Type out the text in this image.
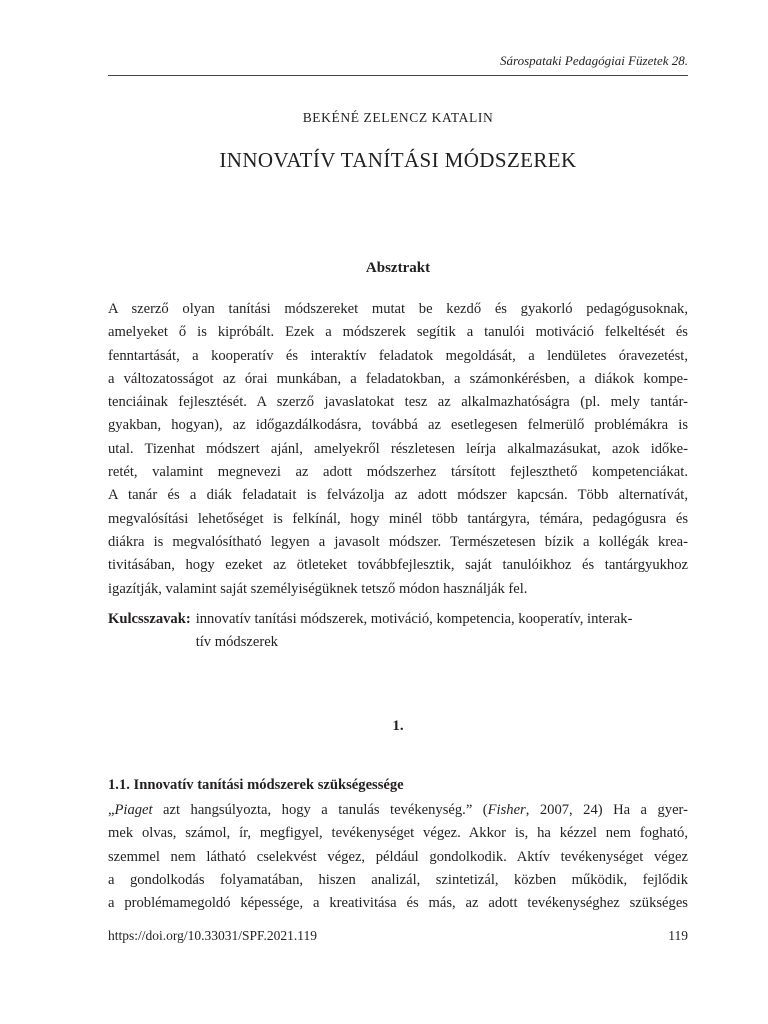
Sárospataki Pedagógiai Füzetek 28.
BEKÉNÉ ZELENCZ KATALIN
INNOVATÍV TANÍTÁSI MÓDSZEREK
Absztrakt
A szerző olyan tanítási módszereket mutat be kezdő és gyakorló pedagógusoknak,
amelyeket ő is kipróbált. Ezek a módszerek segítik a tanulói motiváció felkeltését és
fenntartását, a kooperatív és interaktív feladatok megoldását, a lendületes óravezetést,
a változatosságot az órai munkában, a feladatokban, a számonkérésben, a diákok kompe-
tenciáinak fejlesztését. A szerző javaslatokat tesz az alkalmazhatóságra (pl. mely tantár-
gyakban, hogyan), az időgazdálkodásra, továbbá az esetlegesen felmerülő problémákra is
utal. Tizenhat módszert ajánl, amelyekről részletesen leírja alkalmazásukat, azok időke-
retét, valamint megnevezi az adott módszerhez társított fejleszthető kompetenciákat.
A tanár és a diák feladatait is felvázolja az adott módszer kapcsán. Több alternatívát,
megvalósítási lehetőséget is felkínál, hogy minél több tantárgyra, témára, pedagógusra és
diákra is megvalósítható legyen a javasolt módszer. Természetesen bízik a kollégák krea-
tivitásában, hogy ezeket az ötleteket továbbfejlesztik, saját tanulóikhoz és tantárgyukhoz
igazítják, valamint saját személyiségüknek tetsző módon használják fel.
Kulcsszavak: innovatív tanítási módszerek, motiváció, kompetencia, kooperatív, interak-
tív módszerek
1.
1.1. Innovatív tanítási módszerek szükségessége
„Piaget azt hangsúlyozta, hogy a tanulás tevékenység.” (Fisher, 2007, 24) Ha a gyer-
mek olvas, számol, ír, megfigyel, tevékenységet végez. Akkor is, ha kézzel nem fogható,
szemmel nem látható cselekvést végez, például gondolkodik. Aktív tevékenységet végez
a gondolkodás folyamatában, hiszen analizál, szintetizál, közben működik, fejlődik
a problémamegoldó képessége, a kreativitása és más, az adott tevékenységhez szükséges
https://doi.org/10.33031/SPF.2021.119	119
